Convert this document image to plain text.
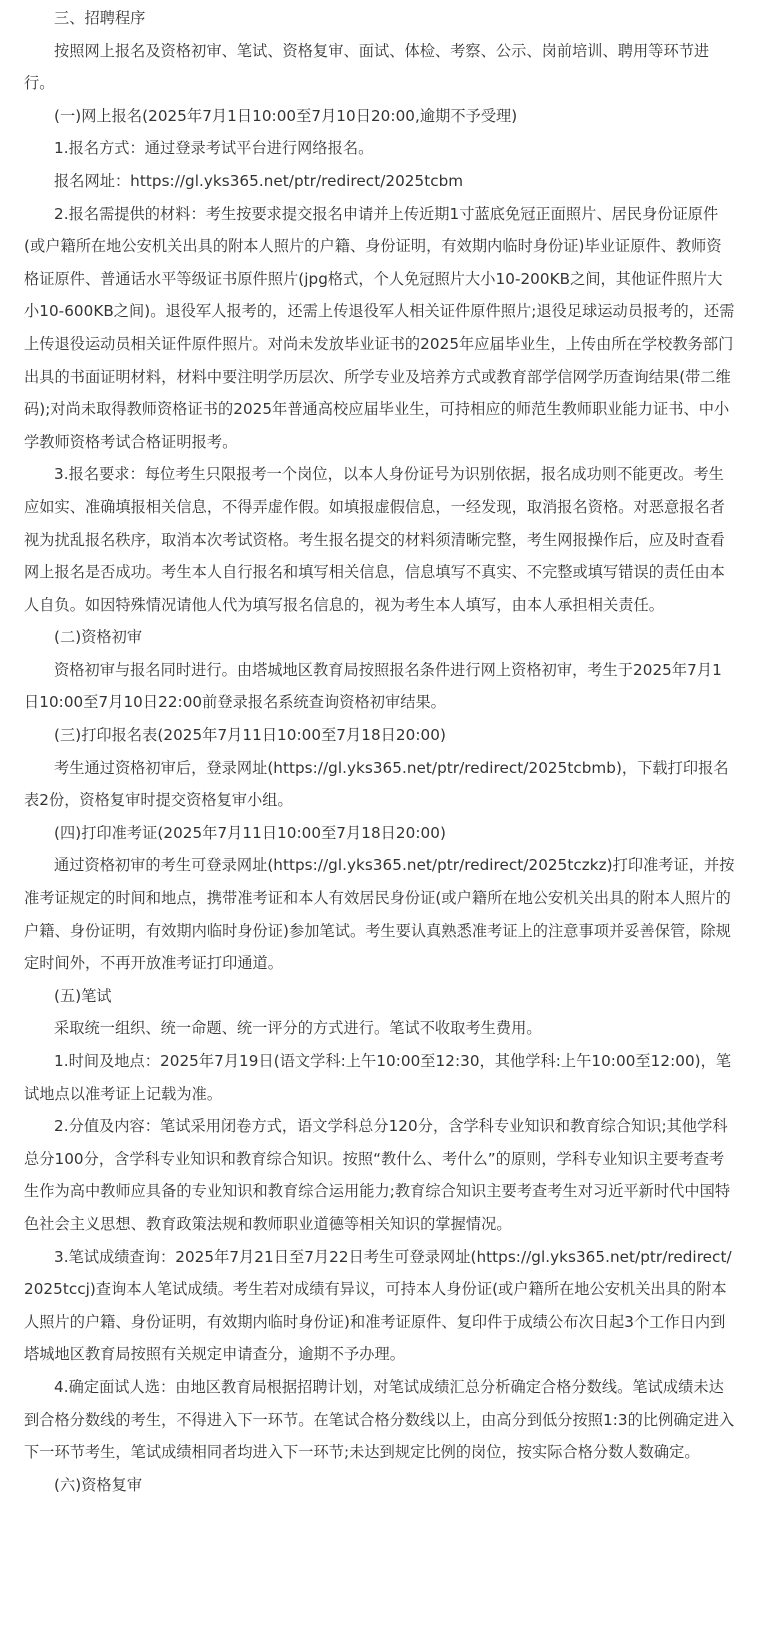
三、招聘程序

按照网上报名及资格初审、笔试、资格复审、面试、体检、考察、公示、岗前培训、聘用等环节进行。

(一)网上报名(2025年7月1日10:00至7月10日20:00,逾期不予受理)

1.报名方式：通过登录考试平台进行网络报名。

报名网址：https://gl.yks365.net/ptr/redirect/2025tcbm

2.报名需提供的材料：考生按要求提交报名申请并上传近期1寸蓝底免冠正面照片、居民身份证原件(或户籍所在地公安机关出具的附本人照片的户籍、身份证明，有效期内临时身份证)毕业证原件、教师资格证原件、普通话水平等级证书原件照片(jpg格式，个人免冠照片大小10-200KB之间，其他证件照片大小10-600KB之间)。退役军人报考的，还需上传退役军人相关证件原件照片;退役足球运动员报考的，还需上传退役运动员相关证件原件照片。对尚未发放毕业证书的2025年应届毕业生，上传由所在学校教务部门出具的书面证明材料，材料中要注明学历层次、所学专业及培养方式或教育部学信网学历查询结果(带二维码);对尚未取得教师资格证书的2025年普通高校应届毕业生，可持相应的师范生教师职业能力证书、中小学教师资格考试合格证明报考。

3.报名要求：每位考生只限报考一个岗位，以本人身份证号为识别依据，报名成功则不能更改。考生应如实、准确填报相关信息，不得弄虚作假。如填报虚假信息，一经发现，取消报名资格。对恶意报名者视为扰乱报名秩序，取消本次考试资格。考生报名提交的材料须清晰完整，考生网报操作后，应及时查看网上报名是否成功。考生本人自行报名和填写相关信息，信息填写不真实、不完整或填写错误的责任由本人自负。如因特殊情况请他人代为填写报名信息的，视为考生本人填写，由本人承担相关责任。

(二)资格初审

资格初审与报名同时进行。由塔城地区教育局按照报名条件进行网上资格初审，考生于2025年7月1日10:00至7月10日22:00前登录报名系统查询资格初审结果。

(三)打印报名表(2025年7月11日10:00至7月18日20:00)

考生通过资格初审后，登录网址(https://gl.yks365.net/ptr/redirect/2025tcbmb)，下载打印报名表2份，资格复审时提交资格复审小组。

(四)打印准考证(2025年7月11日10:00至7月18日20:00)

通过资格初审的考生可登录网址(https://gl.yks365.net/ptr/redirect/2025tczkz)打印准考证，并按准考证规定的时间和地点，携带准考证和本人有效居民身份证(或户籍所在地公安机关出具的附本人照片的户籍、身份证明，有效期内临时身份证)参加笔试。考生要认真熟悉准考证上的注意事项并妥善保管，除规定时间外，不再开放准考证打印通道。

(五)笔试

采取统一组织、统一命题、统一评分的方式进行。笔试不收取考生费用。

1.时间及地点：2025年7月19日(语文学科:上午10:00至12:30，其他学科:上午10:00至12:00)，笔试地点以准考证上记载为准。

2.分值及内容：笔试采用闭卷方式，语文学科总分120分，含学科专业知识和教育综合知识;其他学科总分100分，含学科专业知识和教育综合知识。按照“教什么、考什么”的原则，学科专业知识主要考查考生作为高中教师应具备的专业知识和教育综合运用能力;教育综合知识主要考查考生对习近平新时代中国特色社会主义思想、教育政策法规和教师职业道德等相关知识的掌握情况。

3.笔试成绩查询：2025年7月21日至7月22日考生可登录网址(https://gl.yks365.net/ptr/redirect/2025tccj)查询本人笔试成绩。考生若对成绩有异议，可持本人身份证(或户籍所在地公安机关出具的附本人照片的户籍、身份证明，有效期内临时身份证)和准考证原件、复印件于成绩公布次日起3个工作日内到塔城地区教育局按照有关规定申请查分，逾期不予办理。

4.确定面试人选：由地区教育局根据招聘计划，对笔试成绩汇总分析确定合格分数线。笔试成绩未达到合格分数线的考生，不得进入下一环节。在笔试合格分数线以上，由高分到低分按照1:3的比例确定进入下一环节考生，笔试成绩相同者均进入下一环节;未达到规定比例的岗位，按实际合格分数人数确定。

(六)资格复审
